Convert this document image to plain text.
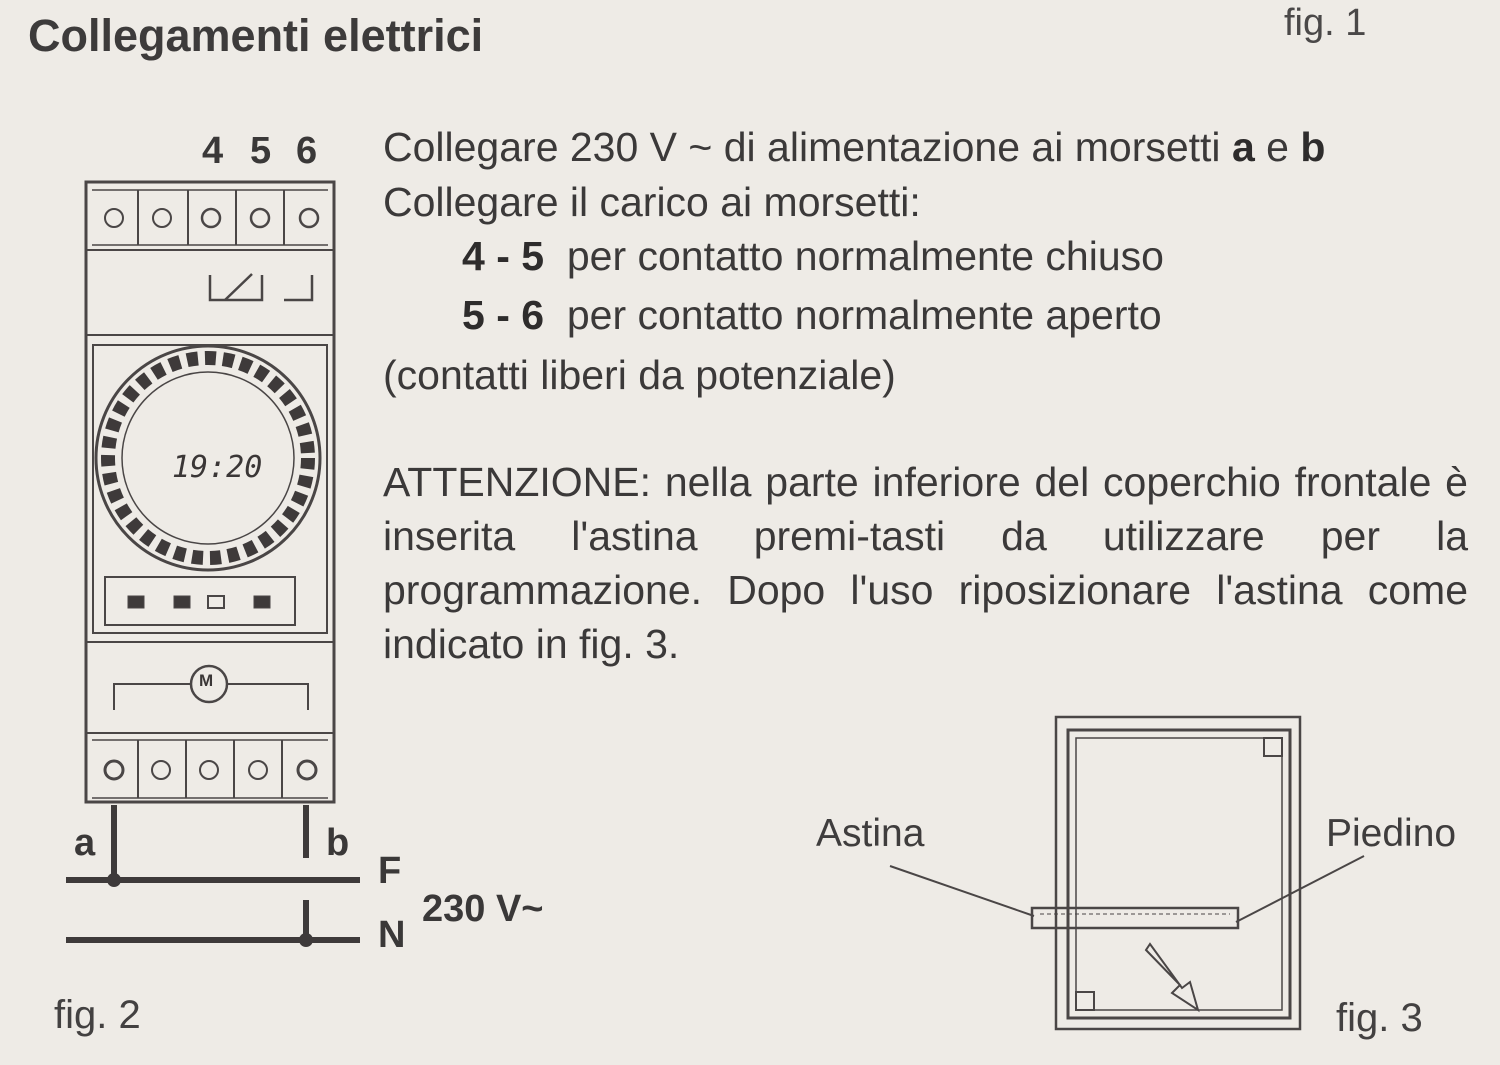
Collegamenti elettrici	fig. 1
19:20
M
4 5 6
a	b
F
N
230 V~
fig. 2
Collegare 230 V ~ di alimentazione ai morsetti a e b
Collegare il carico ai morsetti:
4 - 5 per contatto normalmente chiuso
5 - 6 per contatto normalmente aperto
(contatti liberi da potenziale)
ATTENZIONE: nella parte inferiore del coperchio frontale è inserita l'astina premi-tasti da utilizzare per la programmazione. Dopo l'uso riposizionare l'astina come indicato in fig. 3.
Astina	Piedino
fig. 3
